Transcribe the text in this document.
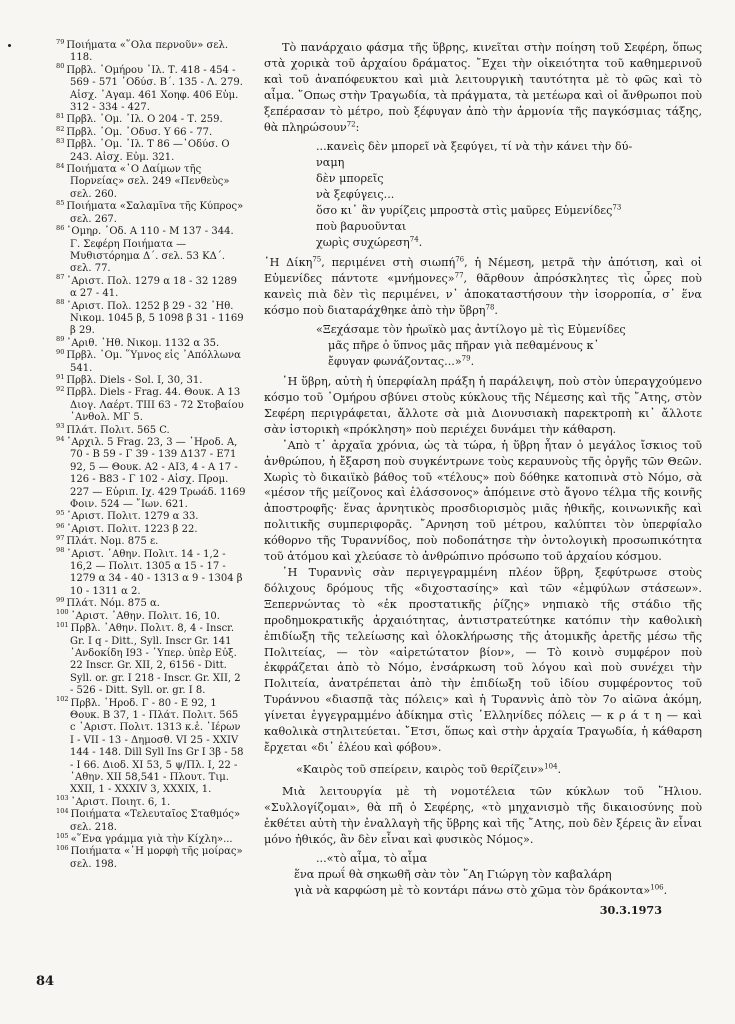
$^{79}$ Ποιήματα «῞Ολα περνοῦν» σελ. 118.

$^{80}$ Πρβλ. ῾Ομήρου ᾽Ιλ. Τ. 418 - 454 - 569 - 571 ᾽Οδύσ. Β΄. 135 - Λ. 279. Αἰσχ. ᾽Αγαμ. 461 Χοηφ. 406 Εὐμ. 312 - 334 - 427.

$^{81}$ Πρβλ. ᾽Ομ. ᾽Ιλ. Ο 204 - Τ. 259.

$^{82}$ Πρβλ. ᾽Ομ. ᾽Οδυσ. Υ 66 - 77.

$^{83}$ Πρβλ. ᾽Ομ. ᾽Ιλ. Τ 86 —᾽Οδύσ. Ο 243. Αἰσχ. Εὐμ. 321.

$^{84}$ Ποιήματα «῾Ο Δαίμων τῆς Πορνείας» σελ. 249 «Πενθεὺς» σελ. 260.

$^{85}$ Ποιήματα «Σαλαμῖνα τῆς Κύπρος» σελ. 267.

$^{86}$ ῾Ομηρ. ᾽Οδ. Α 110 - Μ 137 - 344. Γ. Σεφέρη Ποιήματα — Μυθιστόρημα Δ΄. σελ. 53 ΚΔ΄. σελ. 77.

$^{87}$ ᾽Αριστ. Πολ. 1279 α 18 - 32 1289 α 27 - 41.

$^{88}$ ᾽Αριστ. Πολ. 1252 β 29 - 32 ᾽Ηθ. Νικομ. 1045 β, 5 1098 β 31 - 1169 β 29.

$^{89}$ ᾽Αριθ. ᾽Ηθ. Νικομ. 1132 α 35.

$^{90}$ Πρβλ. ᾽Ομ. ῞Υμνος εἰς ᾽Απόλλωνα 541.

$^{91}$ Πρβλ. Diels - Sol. I, 30, 31.

$^{92}$ Πρβλ. Diels - Frag. 44. Θουκ. Α 13 Διογ. Λαέρτ. ΤΙΙΙ 63 - 72 Στοβαίου ᾽Ανθολ. ΜΓ 5.

$^{93}$ Πλάτ. Πολιτ. 565 C.

$^{94}$ ᾽Αρχιλ. 5 Frag. 23, 3 — ῾Ηροδ. Α, 70 - Β 59 - Γ 39 - 139 Δ137 - Ε71 92, 5 — Θουκ. Α2 - ΑΙ3, 4 - Α 17 - 126 - Β83 - Γ 102 - Αἰσχ. Προμ. 227 — Εὐριπ. Ιχ. 429 Τρωάδ. 1169 Φοιν. 524 — ῎Ιων. 621.

$^{95}$ ᾽Αριστ. Πολιτ. 1279 α 33.

$^{96}$ ᾽Αριστ. Πολιτ. 1223 β 22.

$^{97}$ Πλάτ. Νομ. 875 ε.

$^{98}$ ᾽Αριστ. ᾽Αθην. Πολιτ. 14 - 1,2 - 16,2 — Πολιτ. 1305 α 15 - 17 - 1279 α 34 - 40 - 1313 α 9 - 1304 β 10 - 1311 α 2.

$^{99}$ Πλάτ. Νόμ. 875 α.

$^{100}$ ᾽Αριστ. ᾽Αθην. Πολιτ. 16, 10.

$^{101}$ Πρβλ. ᾽Αθην. Πολιτ. 8, 4 - Inscr. Gr. I q - Ditt., Syll. Inscr Gr. 141 ᾽Ανδοκίδη Ι93 - ῾Υπερ. ὑπὲρ Εὐξ. 22 Inscr. Gr. XII, 2, 6156 - Ditt. Syll. or. gr. I 218 - Inscr. Gr. XII, 2 - 526 - Ditt. Syll. or. gr. I 8.

$^{102}$ Πρβλ. ῾Ηροδ. Γ - 80 - Ε 92, 1 Θουκ. Β 37, 1 - Πλάτ. Πολιτ. 565 c ᾽Αριστ. Πολιτ. 1313 κ.ἑ. ῾Ιέρων Ι - VII - 13 - Δημοσθ. VI 25 - XXIV 144 - 148. Dill Syll Ins Gr I 3β - 58 - I 66. Διοδ. ΧΙ 53, 5 ψ/Πλ. Ι, 22 - ᾽Αθην. XII 58,541 - Πλουτ. Τιμ. XXII, 1 - XXXIV 3, XXXIX, 1.

$^{103}$ ᾽Αριστ. Ποιητ. 6, 1.

$^{104}$ Ποιήματα «Τελευταῖος Σταθμός» σελ. 218.

$^{105}$ «῞Ενα γράμμα γιὰ τὴν Κίχλη»...

$^{106}$ Ποιήματα «῾Η μορφὴ τῆς μοίρας» σελ. 198.

Τὸ πανάρχαιο φάσμα τῆς ὕβρης, κινεῖται στὴν ποίηση τοῦ Σεφέρη, ὅπως στὰ χορικὰ τοῦ ἀρχαίου δράματος. ῎Εχει τὴν οἰκειότητα τοῦ καθημερινοῦ καὶ τοῦ ἀναπόφευκτου καὶ μιὰ λειτουργικὴ ταυτότητα μὲ τὸ φῶς καὶ τὸ αἷμα. ῞Οπως στὴν Τραγωδία, τὰ πράγματα, τὰ μετέωρα καὶ οἱ ἄνθρωποι ποὺ ξεπέρασαν τὸ μέτρο, ποὺ ξέφυγαν ἀπὸ τὴν ἁρμονία τῆς παγκόσμιας τάξης, θὰ πληρώσουν$^{72}$:

...κανεὶς δὲν μπορεῖ νὰ ξεφύγει, τί νὰ τὴν κάνει τὴν δύ-
ναμη
δὲν μπορεῖς
νὰ ξεφύγεις...
ὅσο κι᾽ ἂν γυρίζεις μπροστὰ στὶς μαῦρες Εὐμενίδες$^{73}$
ποὺ βαρυοῦνται
χωρὶς συχώρεση$^{74}$.

῾Η Δίκη$^{75}$, περιμένει στὴ σιωπή$^{76}$, ἡ Νέμεση, μετρᾶ τὴν ἀπότιση, καὶ οἱ Εὐμενίδες πάντοτε «μνήμονες»$^{77}$, θᾶρθουν ἀπρόσκλητες τὶς ὧρες ποὺ κανεὶς πιὰ δὲν τὶς περιμένει, ν᾽ ἀποκαταστήσουν τὴν ἰσορροπία, σ᾽ ἕνα κόσμο ποὺ διαταράχθηκε ἀπὸ τὴν ὕβρη$^{78}$.

«Ξεχάσαμε τὸν ἡρωϊκὸ μας ἀντίλογο μὲ τὶς Εὐμενίδες
μᾶς πῆρε ὁ ὕπνος μᾶς πῆραν γιὰ πεθαμένους κ᾽
ἔφυγαν φωνάζοντας...»$^{79}$.

῾Η ὕβρη, αὐτὴ ἡ ὑπερφίαλη πράξη ἡ παράλειψη, ποὺ στὸν ὑπεραγχούμενο κόσμο τοῦ ῾Ομήρου σβύνει στοὺς κύκλους τῆς Νέμεσης καὶ τῆς ῎Ατης, στὸν Σεφέρη περιγράφεται, ἄλλοτε σὰ μιὰ Διονυσιακὴ παρεκτροπὴ κι᾽ ἄλλοτε σὰν ἱστορικὴ «πρόκληση» ποὺ περιέχει δυνάμει τὴν κάθαρση.

᾽Απὸ τ᾽ ἀρχαῖα χρόνια, ὡς τὰ τώρα, ἡ ὕβρη ἦταν ὁ μεγάλος ἴσκιος τοῦ ἀνθρώπου, ἡ ἔξαρση ποὺ συγκέντρωνε τοὺς κεραυνοὺς τῆς ὀργῆς τῶν Θεῶν. Χωρὶς τὸ δικαιϊκὸ βάθος τοῦ «τέλους» ποὺ δόθηκε κατοπινὰ στὸ Νόμο, σὰ «μέσον τῆς μείζονος καὶ ἐλάσσονος» ἀπόμεινε στὸ ἄγονο τέλμα τῆς κοινῆς ἀποστροφῆς· ἕνας ἀρνητικὸς προσδιορισμὸς μιᾶς ἠθικῆς, κοινωνικῆς καὶ πολιτικῆς συμπεριφορᾶς. ῎Αρνηση τοῦ μέτρου, καλύπτει τὸν ὑπερφίαλο κόθορνο τῆς Τυραννίδος, ποὺ ποδοπάτησε τὴν ὀντολογικὴ προσωπικότητα τοῦ ἀτόμου καὶ χλεύασε τὸ ἀνθρώπινο πρόσωπο τοῦ ἀρχαίου κόσμου.

῾Η Τυραννὶς σὰν περιγεγραμμένη πλέον ὕβρη, ξεφύτρωσε στοὺς δόλιχους δρόμους τῆς «διχοστασίης» καὶ τῶν «ἐμφύλων στάσεων». Ξεπερνώντας τὸ «ἐκ προστατικῆς ῥίζης» νηπιακὸ τῆς στάδιο τῆς προδημοκρατικῆς ἀρχαιότητας, ἀντιστρατεύτηκε κατόπιν τὴν καθολικὴ ἐπιδίωξη τῆς τελείωσης καὶ ὁλοκλήρωσης τῆς ἀτομικῆς ἀρετῆς μέσω τῆς Πολιτείας, — τὸν «αἱρετώτατον βίον», — Τὸ κοινὸ συμφέρον ποὺ ἐκφράζεται ἀπὸ τὸ Νόμο, ἐνσάρκωση τοῦ λόγου καὶ ποὺ συνέχει τὴν Πολιτεία, ἀνατρέπεται ἀπὸ τὴν ἐπιδίωξη τοῦ ἰδίου συμφέροντος τοῦ Τυράννου «διασπᾷ τὰς πόλεις» καὶ ἡ Τυραννὶς ἀπὸ τὸν 7ο αἰῶνα ἀκόμη, γίνεται ἐγγεγραμμένο ἀδίκημα στὶς ῾Ελληνίδες πόλεις — κ ρ ά τ η — καὶ καθολικὰ στηλιτεύεται. ῎Ετσι, ὅπως καὶ στὴν ἀρχαία Τραγωδία, ἡ κάθαρση ἔρχεται «δι᾽ ἐλέου καὶ φόβου».

«Καιρὸς τοῦ σπείρειν, καιρὸς τοῦ θερίζειν»$^{104}$.

Μιὰ λειτουργία μὲ τὴ νομοτέλεια τῶν κύκλων τοῦ ῞Ηλιου. «Συλλογίζομαι», θὰ πῆ ὁ Σεφέρης, «τὸ μηχανισμὸ τῆς δικαιοσύνης ποὺ ἐκθέτει αὐτὴ τὴν ἐναλλαγὴ τῆς ὕβρης καὶ τῆς ῎Ατης, ποὺ δὲν ξέρεις ἂν εἶναι μόνο ἠθικός, ἂν δὲν εἶναι καὶ φυσικὸς Νόμος».

...«τὸ αἷμα, τὸ αἷμα
ἕνα πρωΐ θὰ σηκωθῆ σὰν τὸν ῞Αη Γιώργη τὸν καβαλάρη
γιὰ νὰ καρφώση μὲ τὸ κοντάρι πάνω στὸ χῶμα τὸν δράκοντα»$^{106}$.

30.3.1973

84
